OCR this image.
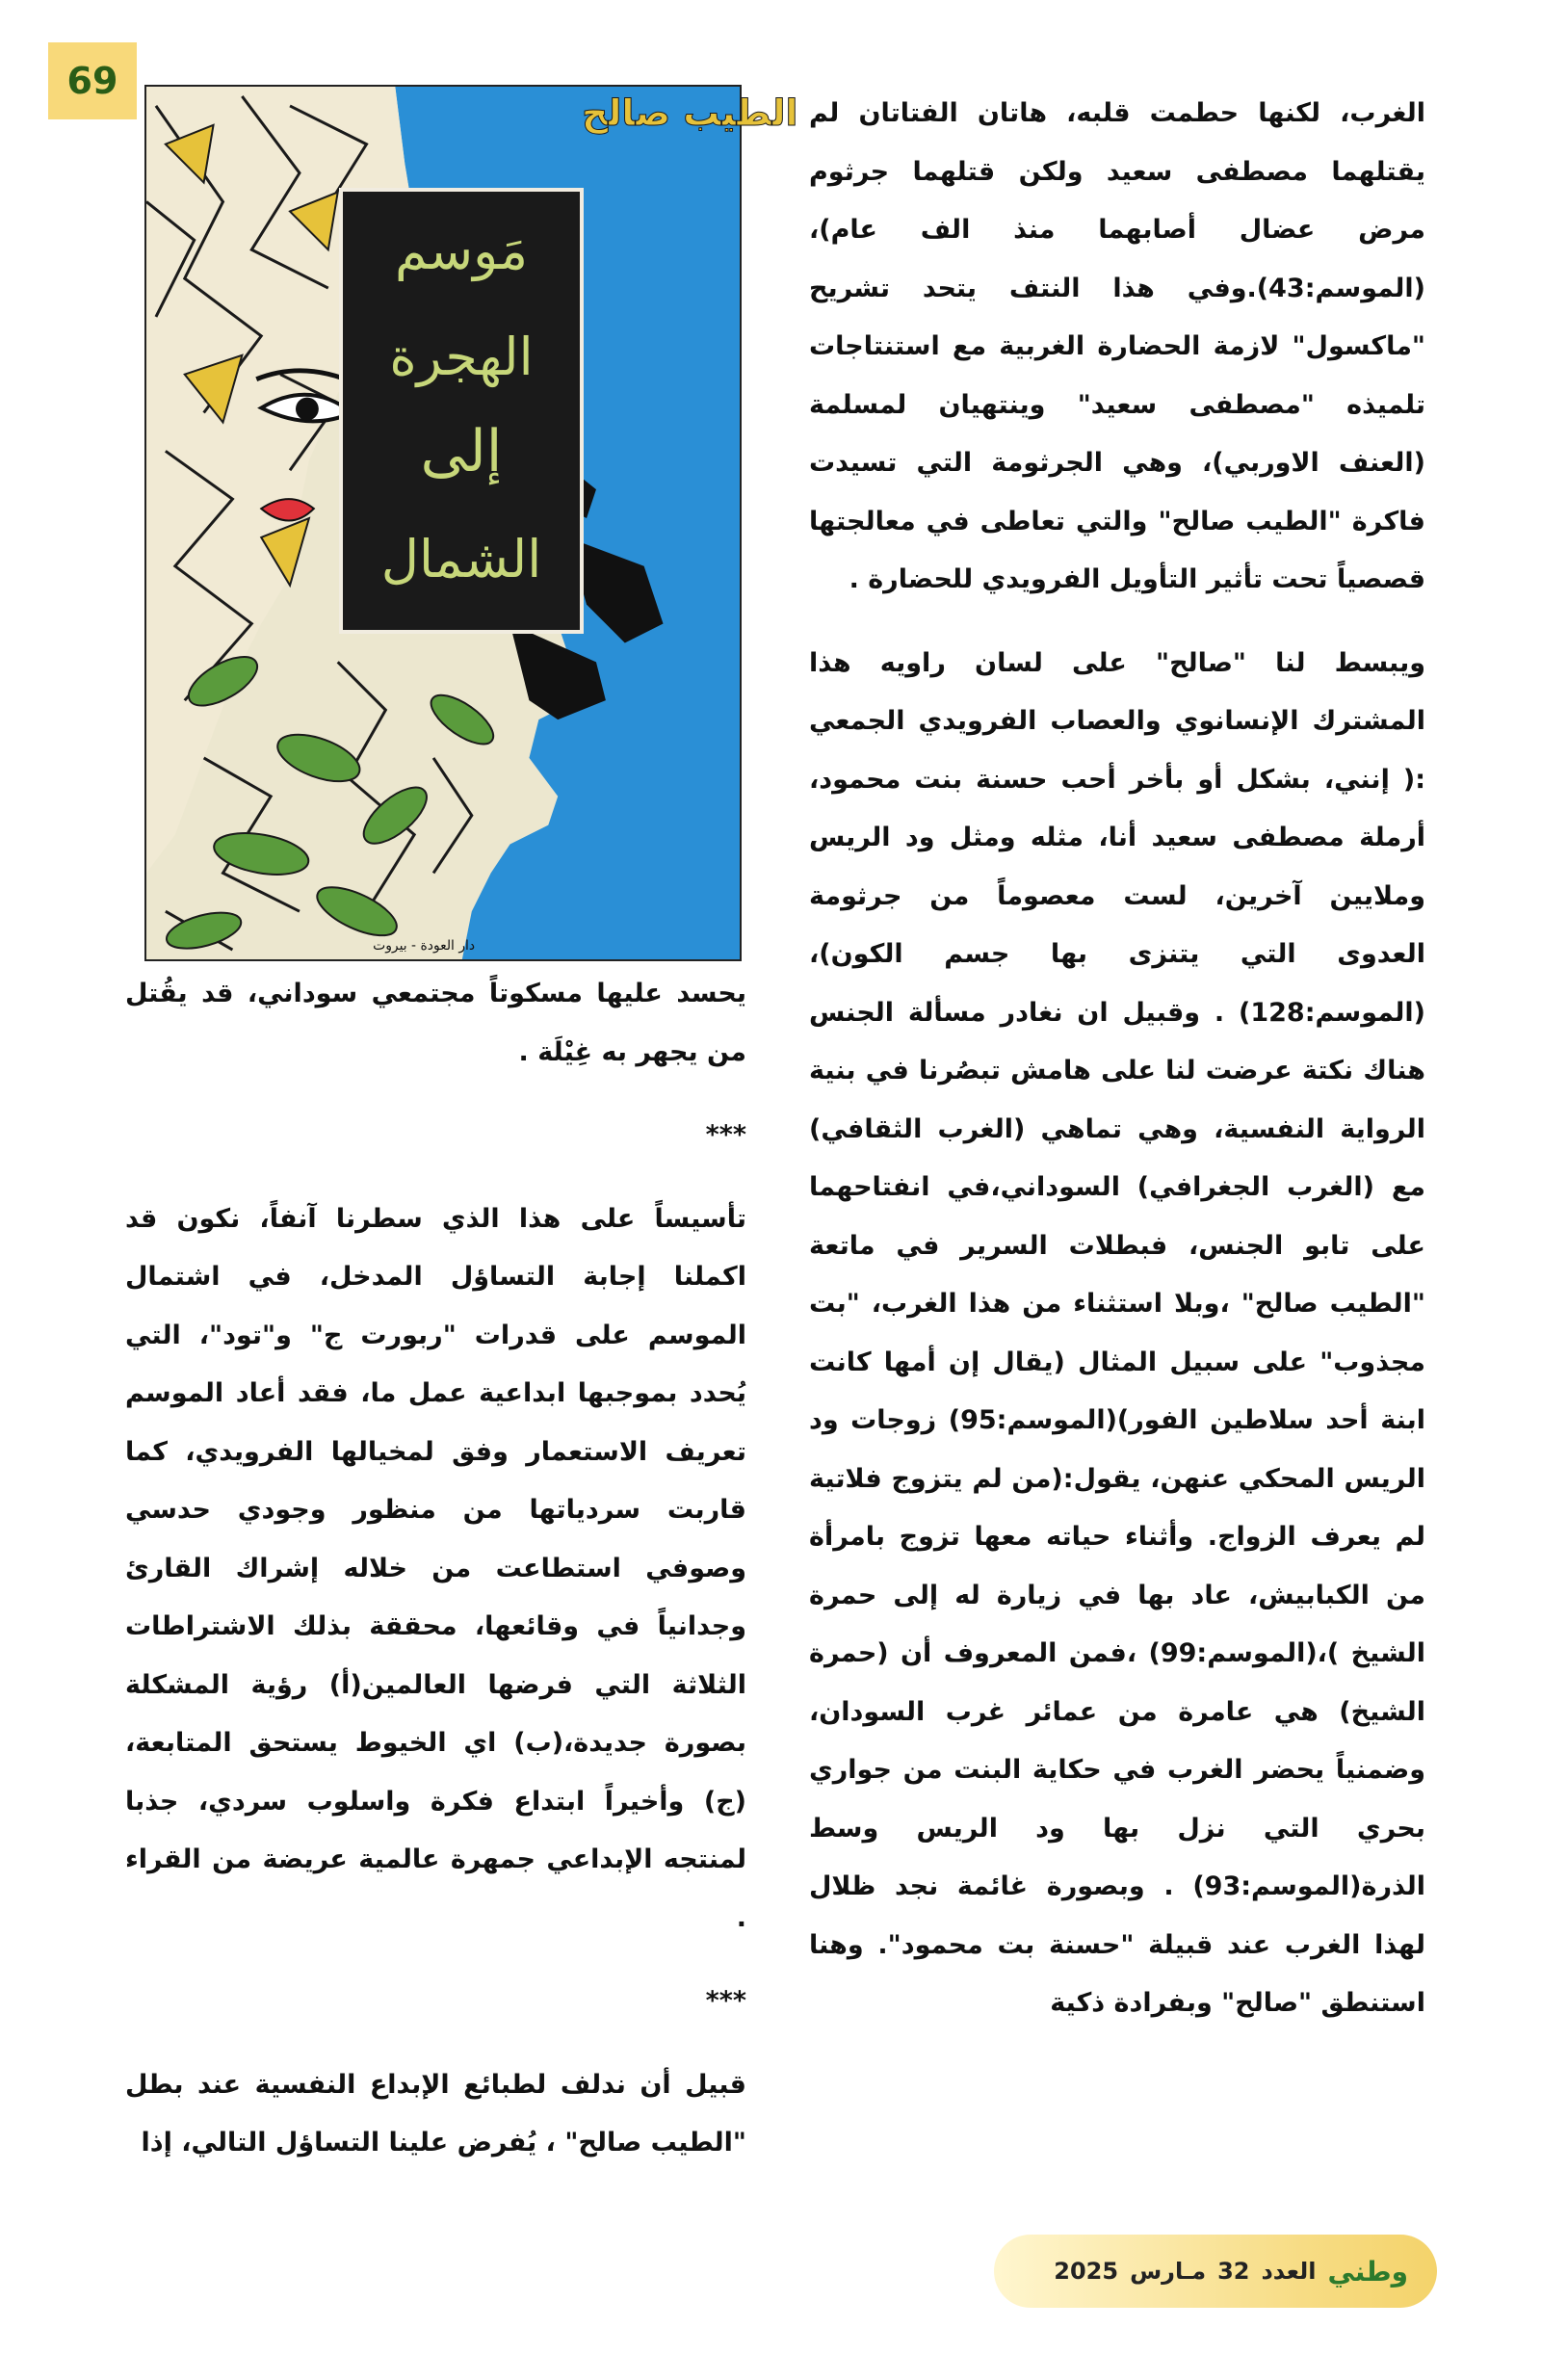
69
الطيب صالح
دار العودة - بيروت
مَوسم
الهجرة
إلى
الشمال

الغرب، لكنها حطمت قلبه، هاتان الفتاتان لم يقتلهما مصطفى سعيد ولكن قتلهما جرثوم مرض عضال أصابهما منذ الف عام)،(الموسم:43).وفي هذا النتف يتحد تشريح "ماكسول" لازمة الحضارة الغربية مع استنتاجات تلميذه "مصطفى سعيد" وينتهيان لمسلمة (العنف الاوربي)، وهي الجرثومة التي تسيدت فاكرة "الطيب صالح" والتي تعاطى في معالجتها قصصياً تحت تأثير التأويل الفرويدي للحضارة .

ويبسط لنا "صالح" على لسان راويه هذا المشترك الإنسانوي والعصاب الفرويدي الجمعي :( إنني، بشكل أو بأخر أحب حسنة بنت محمود، أرملة مصطفى سعيد أنا، مثله ومثل ود الريس وملايين آخرين، لست معصوماً من جرثومة العدوى التي يتنزى بها جسم الكون)،(الموسم:128) . وقبيل ان نغادر مسألة الجنس هناك نكتة عرضت لنا على هامش تبصُرنا في بنية الرواية النفسية، وهي تماهي (الغرب الثقافي) مع (الغرب الجغرافي) السوداني،في انفتاحهما على تابو الجنس، فبطلات السرير في ماتعة "الطيب صالح" ،وبلا استثناء من هذا الغرب، "بت مجذوب" على سبيل المثال (يقال إن أمها كانت ابنة أحد سلاطين الفور)(الموسم:95) زوجات ود الريس المحكي عنهن، يقول:(من لم يتزوج فلاتية لم يعرف الزواج. وأثناء حياته معها تزوج بامرأة من الكبابيش، عاد بها في زيارة له إلى حمرة الشيخ )،(الموسم:99) ،فمن المعروف أن (حمرة الشيخ) هي عامرة من عمائر غرب السودان، وضمنياً يحضر الغرب في حكاية البنت من جواري بحري التي نزل بها ود الريس وسط الذرة(الموسم:93) . وبصورة غائمة نجد ظلال لهذا الغرب عند قبيلة "حسنة بت محمود". وهنا استنطق "صالح" وبفرادة ذكية

يحسد عليها مسكوتاً مجتمعي سوداني، قد يقُتل من يجهر به غِيْلَة .

***

تأسيساً على هذا الذي سطرنا آنفاً، نكون قد اكملنا إجابة التساؤل المدخل، في اشتمال الموسم على قدرات "ربورت ج" و"تود"، التي يُحدد بموجبها ابداعية عمل ما، فقد أعاد الموسم تعريف الاستعمار وفق لمخيالها الفرويدي، كما قاربت سردياتها من منظور وجودي حدسي وصوفي استطاعت من خلاله إشراك القارئ وجدانياً في وقائعها، محققة بذلك الاشتراطات الثلاثة التي فرضها العالمين(أ) رؤية المشكلة بصورة جديدة،(ب) اي الخيوط يستحق المتابعة، (ج) وأخيراً ابتداع فكرة واسلوب سردي، جذبا لمنتجه الإبداعي جمهرة عالمية عريضة من القراء .

***

قبيل أن ندلف لطبائع الإبداع النفسية عند بطل "الطيب صالح" ، يُفرض علينا التساؤل التالي، إذا

2025 مـارس 32 العدد وطني
